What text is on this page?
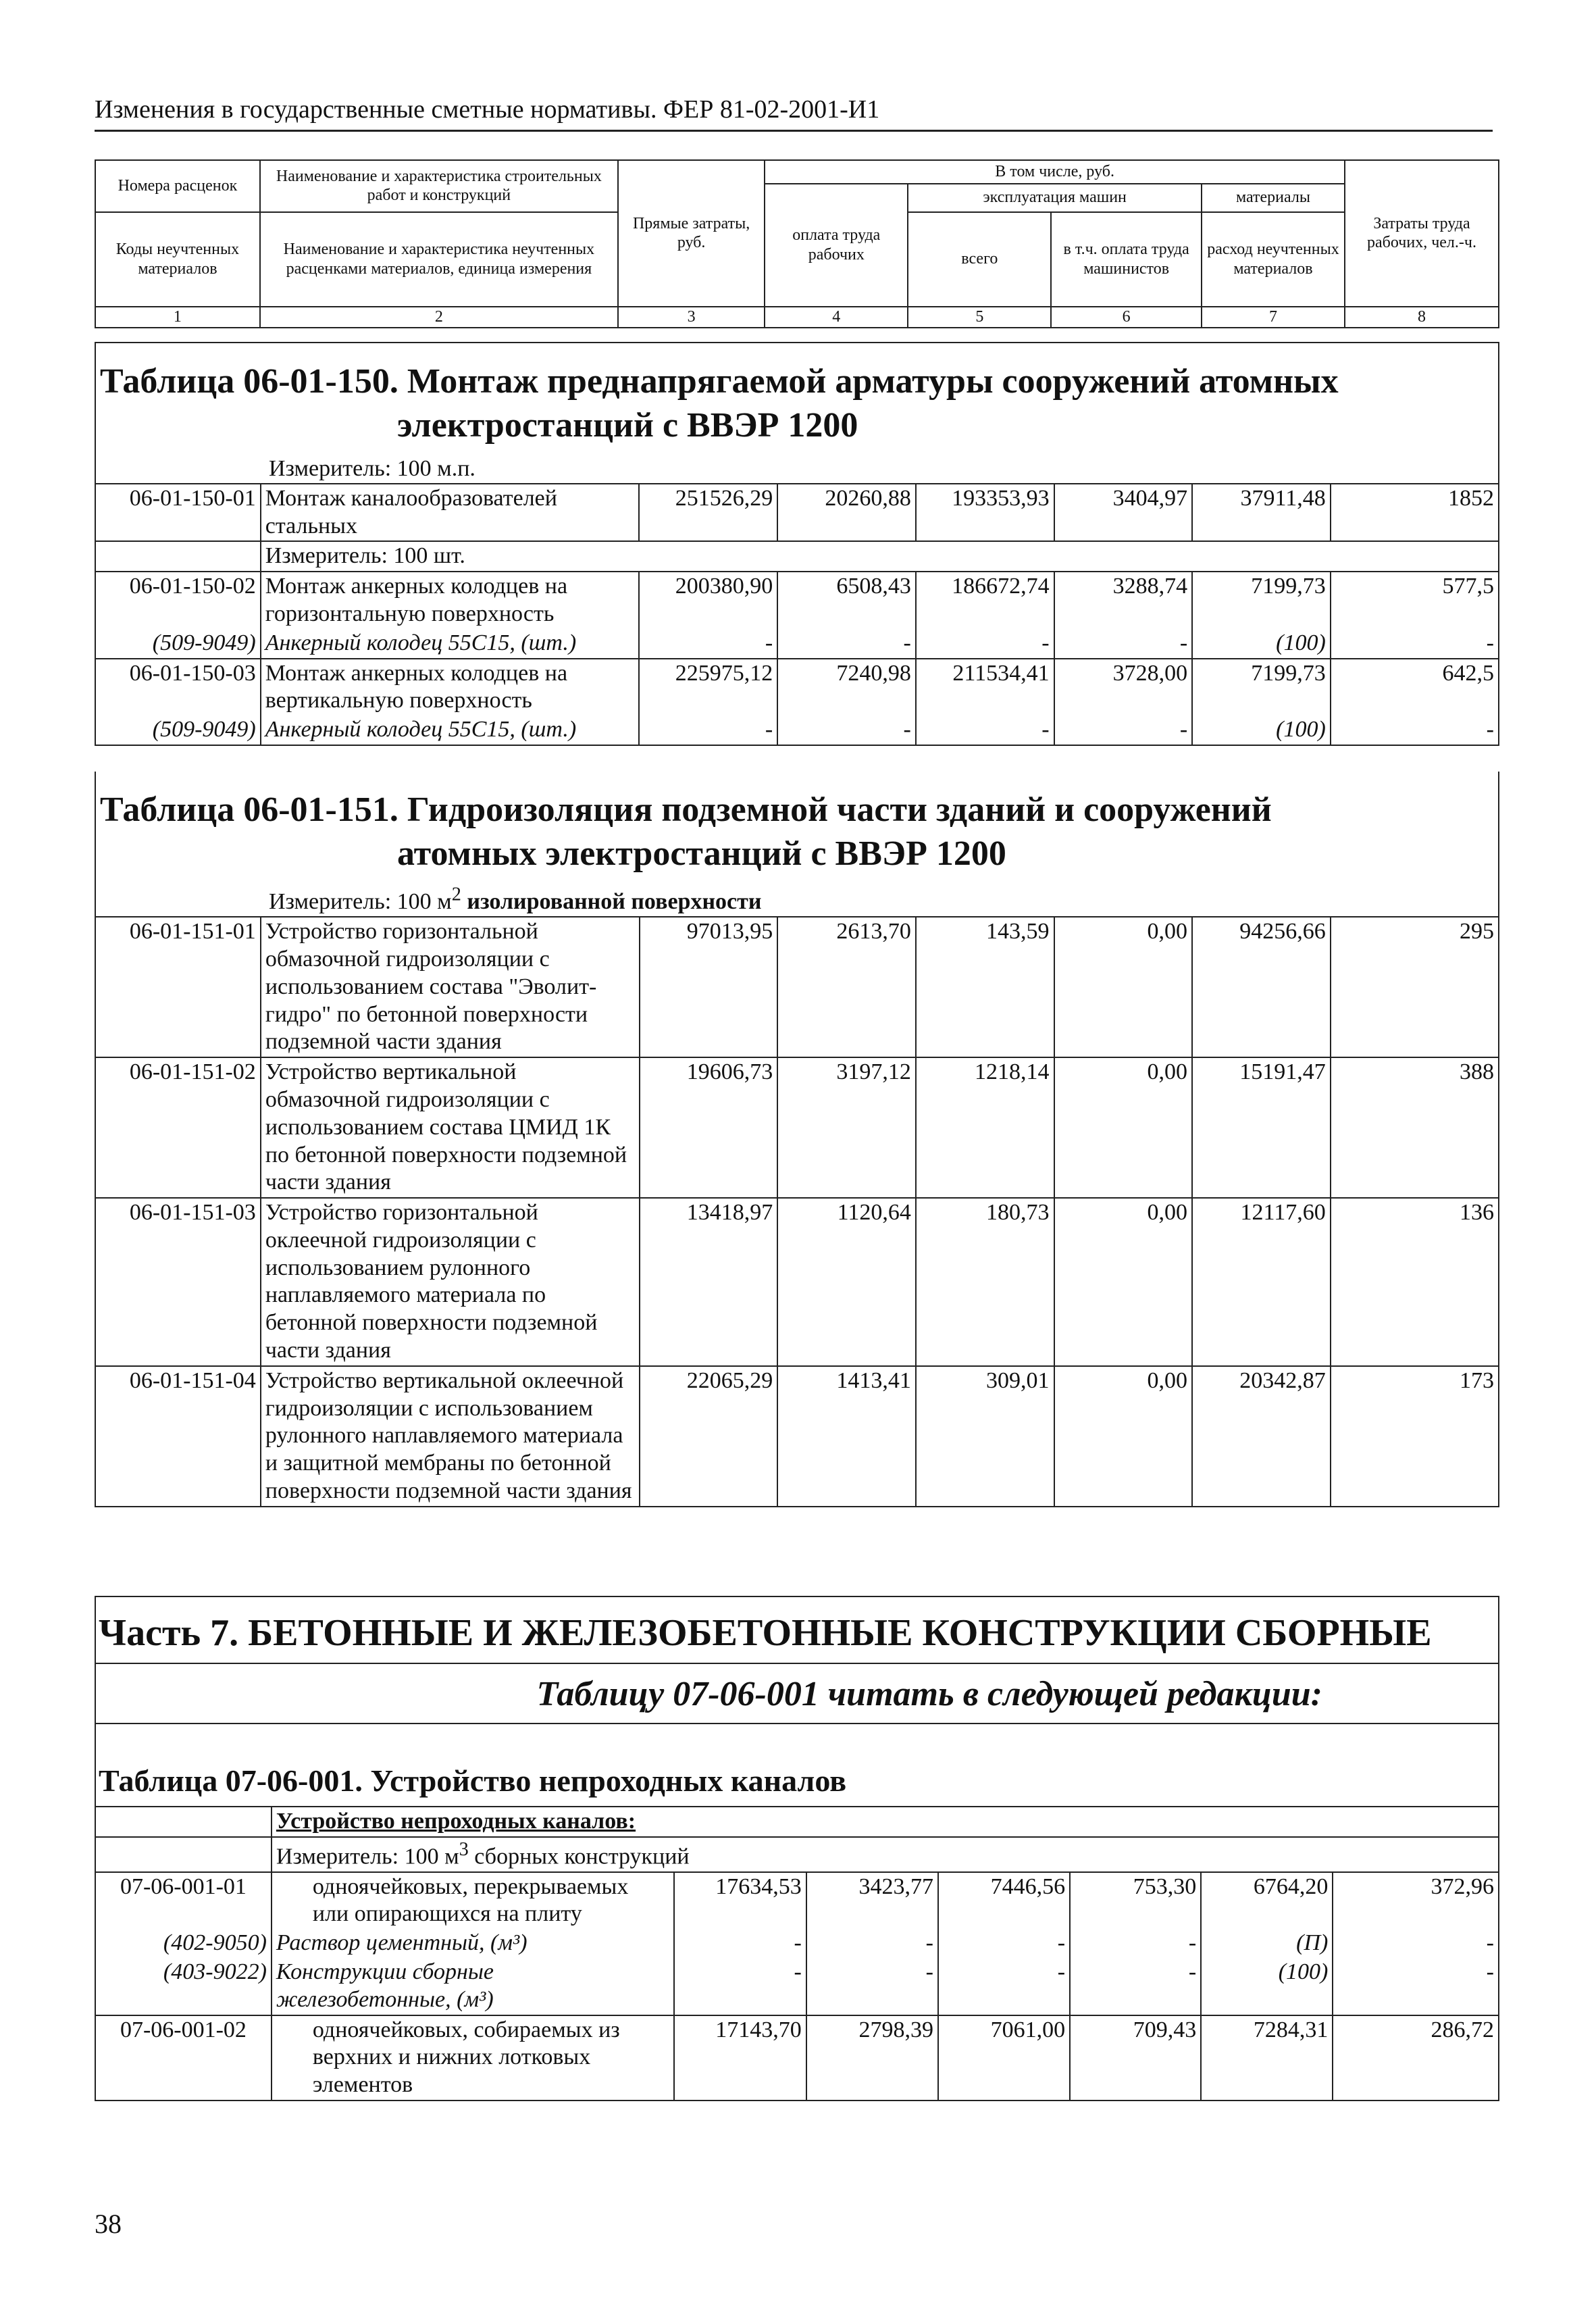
Изменения в государственные сметные нормативы. ФЕР 81-02-2001-И1
Номера расценок	Наименование и характеристика строительных работ и конструкций	Прямые затраты, руб.	В том числе, руб.				Затраты труда рабочих, чел.-ч.
			оплата труда рабочих	эксплуатация машин		материалы	
Коды неучтенных материалов	Наименование и характеристика неучтенных расценками материалов, единица измерения			всего	в т.ч. оплата труда машинистов	расход неучтенных материалов	

1	2	3	4	5	6	7	8
Таблица 06-01-150. Монтаж преднапрягаемой арматуры сооружений атомных
электростанций с ВВЭР 1200							

Измеритель: 100 м.п.							
06-01-150-01	Монтаж каналообразователей стальных	251526,29	20260,88	193353,93	3404,97	37911,48	1852
	Измеритель: 100 шт.						
06-01-150-02	Монтаж анкерных колодцев на горизонтальную поверхность	200380,90	6508,43	186672,74	3288,74	7199,73	577,5
(509-9049)	Анкерный колодец 55С15, (шт.)	-	-	-	-	(100)	-
06-01-150-03	Монтаж анкерных колодцев на вертикальную поверхность	225975,12	7240,98	211534,41	3728,00	7199,73	642,5
(509-9049)	Анкерный колодец 55С15, (шт.)	-	-	-	-	(100)	-
Таблица 06-01-151. Гидроизоляция подземной части зданий и сооружений
атомных электростанций с ВВЭР 1200							

Измеритель: 100 $м^2$ изолированной поверхности							
06-01-151-01	Устройство горизонтальной обмазочной гидроизоляции с использованием состава "Эволит-гидро" по бетонной поверхности подземной части здания	97013,95	2613,70	143,59	0,00	94256,66	295
06-01-151-02	Устройство вертикальной обмазочной гидроизоляции с использованием состава ЦМИД 1К по бетонной поверхности подземной части здания	19606,73	3197,12	1218,14	0,00	15191,47	388
06-01-151-03	Устройство горизонтальной оклеечной гидроизоляции с использованием рулонного наплавляемого материала по бетонной поверхности подземной части здания	13418,97	1120,64	180,73	0,00	12117,60	136
06-01-151-04	Устройство вертикальной оклеечной гидроизоляции с использованием рулонного наплавляемого материала и защитной мембраны по бетонной поверхности подземной части здания	22065,29	1413,41	309,01	0,00	20342,87	173
Часть 7. БЕТОННЫЕ И ЖЕЛЕЗОБЕТОННЫЕ КОНСТРУКЦИИ СБОРНЫЕ							
Таблицу 07-06-001 читать в следующей редакции:							
Таблица 07-06-001. Устройство непроходных каналов							
	Устройство непроходных каналов:						
	Измеритель: 100 $м^3$ сборных конструкций						
07-06-001-01	одноячейковых, перекрываемых или опирающихся на плиту	17634,53	3423,77	7446,56	753,30	6764,20	372,96
(402-9050)	Раствор цементный, (м³)	-	-	-	-	(П)	-
(403-9022)	Конструкции сборные железобетонные, (м³)	-	-	-	-	(100)	-
07-06-001-02	одноячейковых, собираемых из верхних и нижних лотковых элементов	17143,70	2798,39	7061,00	709,43	7284,31	286,72
38
